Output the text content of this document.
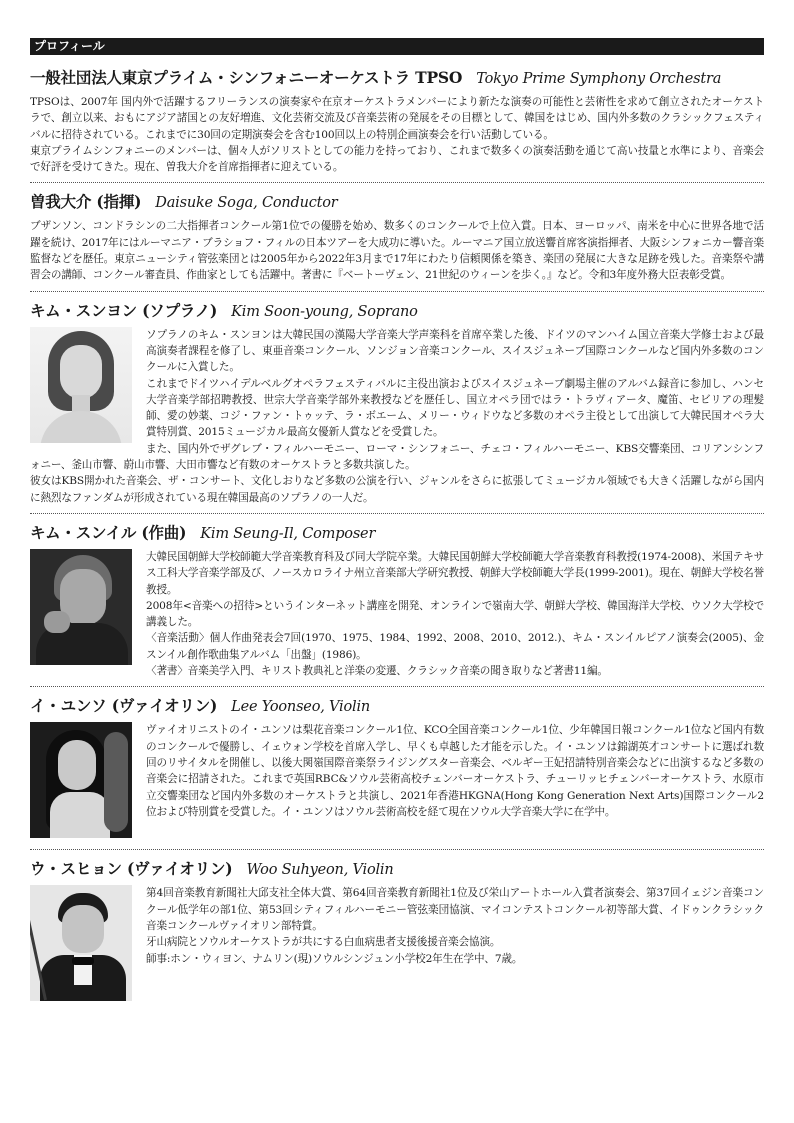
プロフィール
一般社団法人東京プライム・シンフォニーオーケストラ TPSO Tokyo Prime Symphony Orchestra

TPSOは、2007年 国内外で活躍するフリーランスの演奏家や在京オーケストラメンバーにより新たな演奏の可能性と芸術性を求めて創立されたオーケストラで、創立以来、おもにアジア諸国との友好増進、文化芸術交流及び音楽芸術の発展をその目標として、韓国をはじめ、国内外多数のクラシックフェスティバルに招待されている。これまでに30回の定期演奏会を含む100回以上の特別企画演奏会を行い活動している。

東京プライムシンフォニーのメンバーは、個々人がソリストとしての能力を持っており、これまで数多くの演奏活動を通じて高い技量と水準により、音楽会で好評を受けてきた。現在、曽我大介を首席指揮者に迎えている。

曽我大介 (指揮) Daisuke Soga, Conductor

ブザンソン、コンドラシンの二大指揮者コンクール第1位での優勝を始め、数多くのコンクールで上位入賞。日本、ヨーロッパ、南米を中心に世界各地で活躍を続け、2017年にはルーマニア・ブラショフ・フィルの日本ツアーを大成功に導いた。ルーマニア国立放送響首席客演指揮者、大阪シンフォニカー響音楽監督などを歴任。東京ニューシティ管弦楽団とは2005年から2022年3月まで17年にわたり信頼関係を築き、楽団の発展に大きな足跡を残した。音楽祭や講習会の講師、コンクール審査員、作曲家としても活躍中。著書に『ベートーヴェン、21世紀のウィーンを歩く。』など。令和3年度外務大臣表彰受賞。

キム・スンヨン (ソプラノ) Kim Soon-young, Soprano

ソプラノのキム・スンヨンは大韓民国の漢陽大学音楽大学声楽科を首席卒業した後、ドイツのマンハイム国立音楽大学修士および最高演奏者課程を修了し、東亜音楽コンクール、ソンジョン音楽コンクール、スイスジュネーブ国際コンクールなど国内外多数のコンクールに入賞した。

これまでドイツハイデルベルグオペラフェスティバルに主役出演およびスイスジュネーブ劇場主催のアルバム録音に参加し、ハンセ大学音楽学部招聘教授、世宗大学音楽学部外来教授などを歴任し、国立オペラ団ではラ・トラヴィアータ、魔笛、セビリアの理髪師、愛の妙薬、コジ・ファン・トゥッテ、ラ・ボエーム、メリー・ウィドウなど多数のオペラ主役として出演して大韓民国オペラ大賞特別賞、2015ミュージカル最高女優新人賞などを受賞した。

また、国内外でザグレブ・フィルハーモニー、ローマ・シンフォニー、チェコ・フィルハーモニー、KBS交響楽団、コリアンシンフォニー、釜山市響、蔚山市響、大田市響など有数のオーケストラと多数共演した。

彼女はKBS開かれた音楽会、ザ・コンサート、文化しおりなど多数の公演を行い、ジャンルをさらに拡張してミュージカル領域でも大きく活躍しながら国内に熱烈なファンダムが形成されている現在韓国最高のソプラノの一人だ。

キム・スンイル (作曲) Kim Seung-Il, Composer

大韓民国朝鮮大学校師範大学音楽教育科及び同大学院卒業。大韓民国朝鮮大学校師範大学音楽教育科教授(1974-2008)、米国テキサス工科大学音楽学部及び、ノースカロライナ州立音楽部大学研究教授、朝鮮大学校師範大学長(1999-2001)。現在、朝鮮大学校名誉教授。

2008年<音楽への招待>というインターネット講座を開発、オンラインで嶺南大学、朝鮮大学校、韓国海洋大学校、ウソク大学校で講義した。

〈音楽活動〉個人作曲発表会7回(1970、1975、1984、1992、2008、2010、2012.)、キム・スンイルピアノ演奏会(2005)、金スンイル創作歌曲集アルバム「出盤」(1986)。

〈著書〉音楽美学入門、キリスト教典礼と洋楽の変遷、クラシック音楽の聞き取りなど著書11編。

イ・ユンソ (ヴァイオリン) Lee Yoonseo, Violin

ヴァイオリニストのイ・ユンソは梨花音楽コンクール1位、KCO全国音楽コンクール1位、少年韓国日報コンクール1位など国内有数のコンクールで優勝し、イェウォン学校を首席入学し、早くも卓越した才能を示した。イ・ユンソは錦湖英才コンサートに選ばれ数回のリサイタルを開催し、以後大関嶺国際音楽祭ライジングスター音楽会、ベルギー王妃招請特別音楽会などに出演するなど多数の音楽会に招請された。これまで英国RBC&ソウル芸術高校チェンバーオーケストラ、チューリッヒチェンバーオーケストラ、水原市立交響楽団など国内外多数のオーケストラと共演し、2021年香港HKGNA(Hong Kong Generation Next Arts)国際コンクール2位および特別賞を受賞した。イ・ユンソはソウル芸術高校を経て現在ソウル大学音楽大学に在学中。

ウ・スヒョン (ヴァイオリン) Woo Suhyeon, Violin

第4回音楽教育新聞社大邱支社全体大賞、第64回音楽教育新聞社1位及び栄山アートホール入賞者演奏会、第37回イェジン音楽コンクール低学年の部1位、第53回シティフィルハーモニー管弦楽団協演、マイコンテストコンクール初等部大賞、イドゥンクラシック音楽コンクールヴァイオリン部特賞。

牙山病院とソウルオーケストラが共にする白血病患者支援後援音楽会協演。

師事:ホン・ウィヨン、ナムリン(現)ソウルシンジュン小学校2年生在学中、7歳。
